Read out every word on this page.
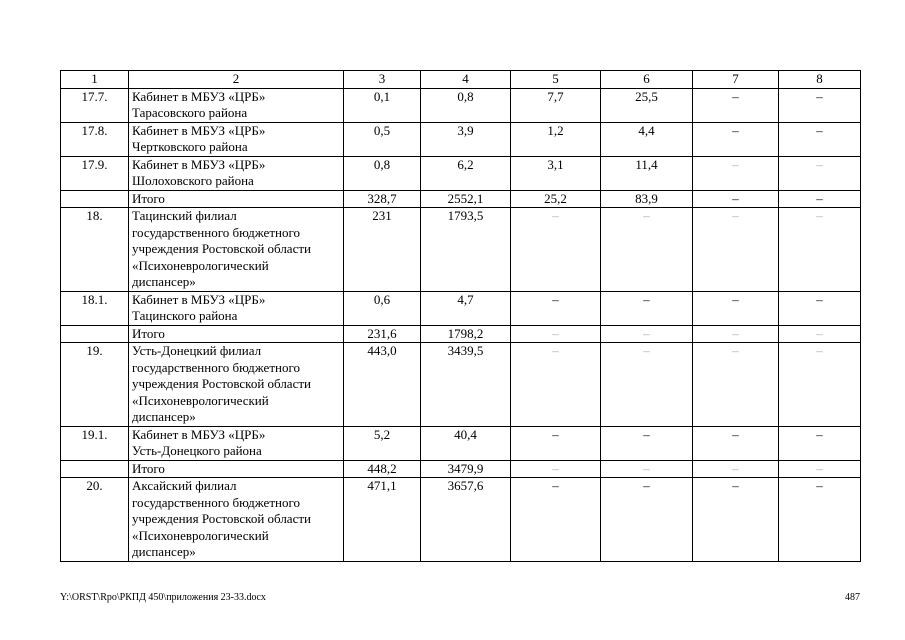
1	2	3	4	5	6	7	8
17.7.	Кабинет в МБУЗ «ЦРБ»
Тарасовского района	0,1	0,8	7,7	25,5	–	–
17.8.	Кабинет в МБУЗ «ЦРБ»
Чертковского района	0,5	3,9	1,2	4,4	–	–
17.9.	Кабинет в МБУЗ «ЦРБ»
Шолоховского района	0,8	6,2	3,1	11,4	–	–

	Итого	328,7	2552,1	25,2	83,9	–	–
18.	Тацинский филиал
государственного бюджетного
учреждения Ростовской области
«Психоневрологический
диспансер»	231	1793,5	–	–	–	–
18.1.	Кабинет в МБУЗ «ЦРБ»
Тацинского района	0,6	4,7	–	–	–	–

	Итого	231,6	1798,2	–	–	–	–
19.	Усть-Донецкий филиал
государственного бюджетного
учреждения Ростовской области
«Психоневрологический
диспансер»	443,0	3439,5	–	–	–	–
19.1.	Кабинет в МБУЗ «ЦРБ»
Усть-Донецкого района	5,2	40,4	–	–	–	–

	Итого	448,2	3479,9	–	–	–	–
20.	Аксайский филиал
государственного бюджетного
учреждения Ростовской области
«Психоневрологический
диспансер»	471,1	3657,6	–	–	–	–
Y:\ORST\Rpo\РКПД 450\приложения 23-33.docx	487
